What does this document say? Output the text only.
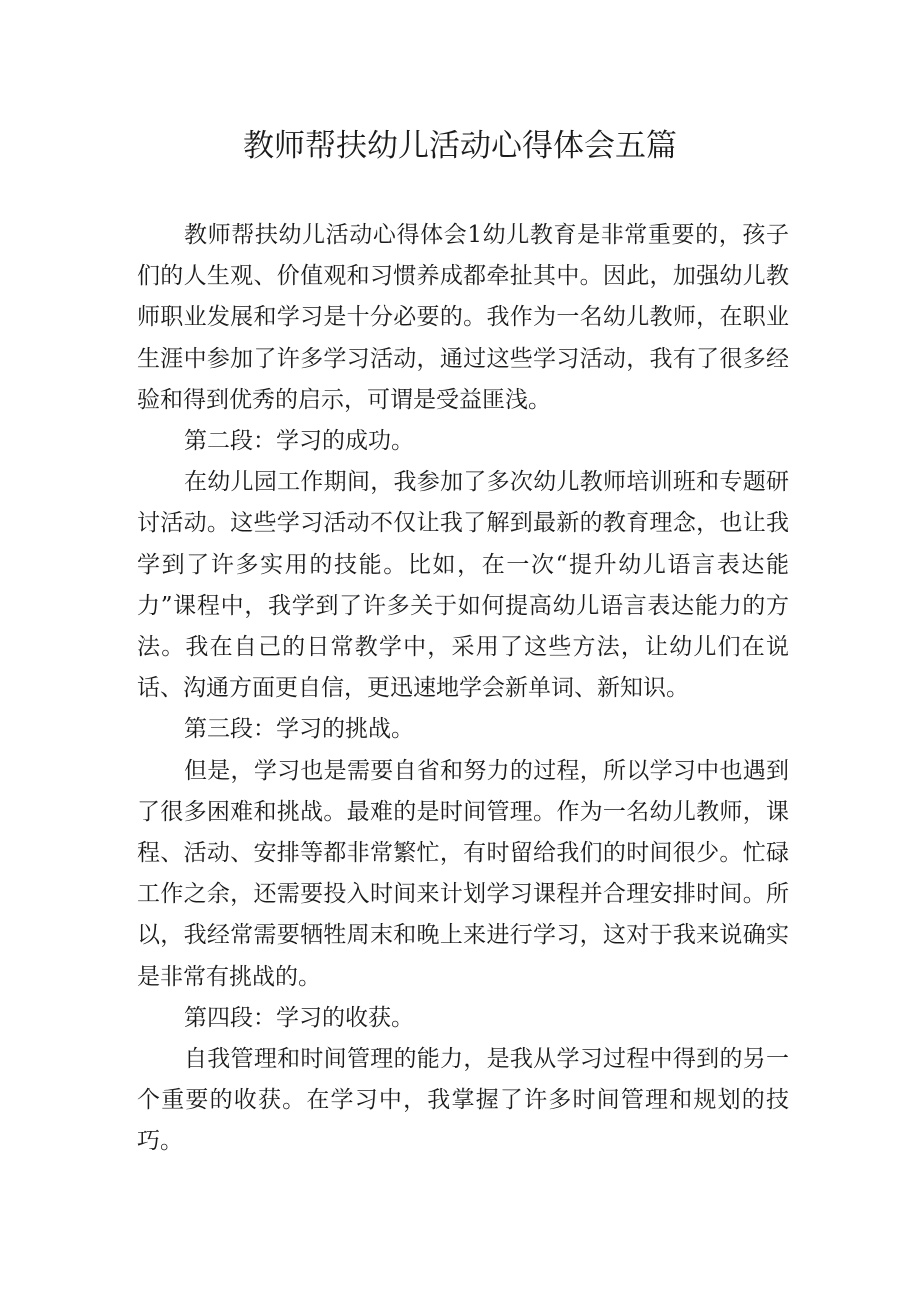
教师帮扶幼儿活动心得体会五篇

教师帮扶幼儿活动心得体会1幼儿教育是非常重要的，孩子们的人生观、价值观和习惯养成都牵扯其中。因此，加强幼儿教师职业发展和学习是十分必要的。我作为一名幼儿教师，在职业生涯中参加了许多学习活动，通过这些学习活动，我有了很多经验和得到优秀的启示，可谓是受益匪浅。

第二段：学习的成功。

在幼儿园工作期间，我参加了多次幼儿教师培训班和专题研讨活动。这些学习活动不仅让我了解到最新的教育理念，也让我学到了许多实用的技能。比如，在一次“提升幼儿语言表达能力”课程中，我学到了许多关于如何提高幼儿语言表达能力的方法。我在自己的日常教学中，采用了这些方法，让幼儿们在说话、沟通方面更自信，更迅速地学会新单词、新知识。

第三段：学习的挑战。

但是，学习也是需要自省和努力的过程，所以学习中也遇到了很多困难和挑战。最难的是时间管理。作为一名幼儿教师，课程、活动、安排等都非常繁忙，有时留给我们的时间很少。忙碌工作之余，还需要投入时间来计划学习课程并合理安排时间。所以，我经常需要牺牲周末和晚上来进行学习，这对于我来说确实是非常有挑战的。

第四段：学习的收获。

自我管理和时间管理的能力，是我从学习过程中得到的另一个重要的收获。在学习中，我掌握了许多时间管理和规划的技巧。
